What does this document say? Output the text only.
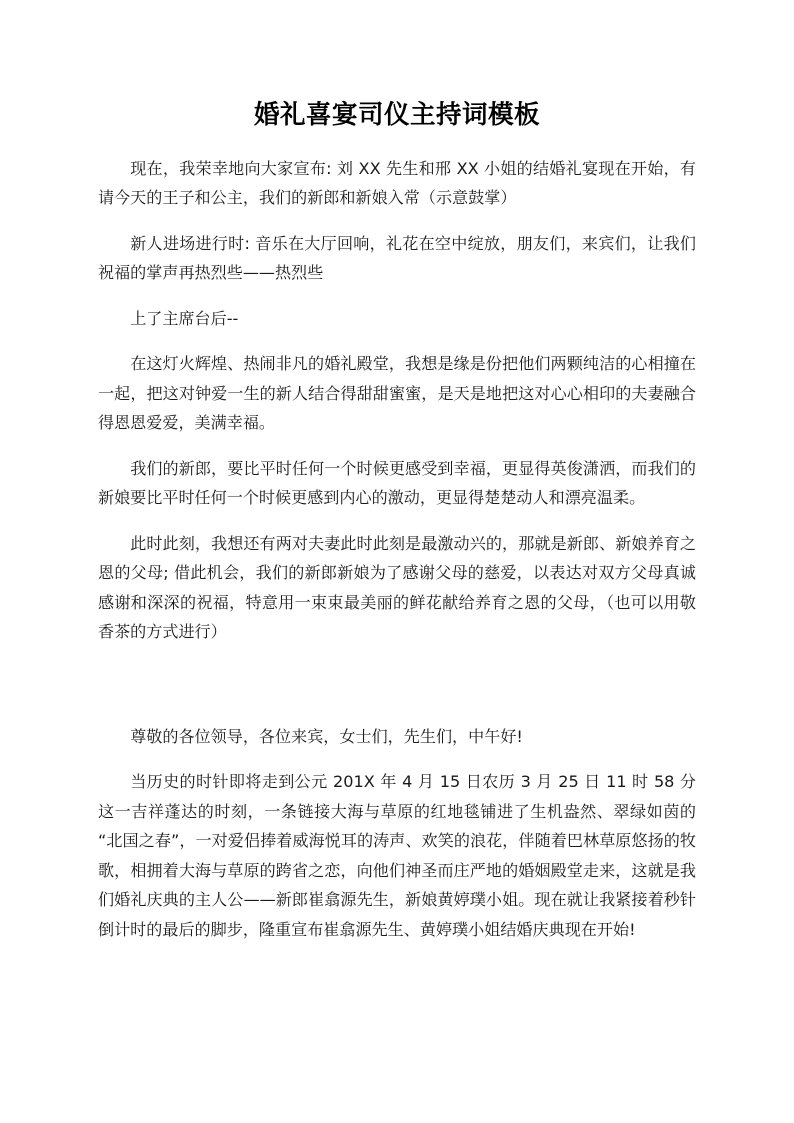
婚礼喜宴司仪主持词模板

现在，我荣幸地向大家宣布: 刘 XX 先生和邢 XX 小姐的结婚礼宴现在开始，有请今天的王子和公主，我们的新郎和新娘入常（示意鼓掌）

新人进场进行时: 音乐在大厅回响，礼花在空中绽放，朋友们，来宾们，让我们祝福的掌声再热烈些——热烈些

上了主席台后--

在这灯火辉煌、热闹非凡的婚礼殿堂，我想是缘是份把他们两颗纯洁的心相撞在一起，把这对钟爱一生的新人结合得甜甜蜜蜜，是天是地把这对心心相印的夫妻融合得恩恩爱爱，美满幸福。

我们的新郎，要比平时任何一个时候更感受到幸福，更显得英俊潇洒，而我们的新娘要比平时任何一个时候更感到内心的激动，更显得楚楚动人和漂亮温柔。

此时此刻，我想还有两对夫妻此时此刻是最激动兴的，那就是新郎、新娘养育之恩的父母; 借此机会，我们的新郎新娘为了感谢父母的慈爱，以表达对双方父母真诚感谢和深深的祝福，特意用一束束最美丽的鲜花献给养育之恩的父母，（也可以用敬香茶的方式进行）

尊敬的各位领导，各位来宾，女士们，先生们，中午好!

当历史的时针即将走到公元 201X 年 4 月 15 日农历 3 月 25 日 11 时 58 分这一吉祥蓬达的时刻，一条链接大海与草原的红地毯铺进了生机盎然、翠绿如茵的“北国之春”，一对爱侣捧着威海悦耳的涛声、欢笑的浪花，伴随着巴林草原悠扬的牧歌，相拥着大海与草原的跨省之恋，向他们神圣而庄严地的婚姻殿堂走来，这就是我们婚礼庆典的主人公——新郎崔翕源先生，新娘黄婷璞小姐。现在就让我紧接着秒针倒计时的最后的脚步，隆重宣布崔翕源先生、黄婷璞小姐结婚庆典现在开始!
